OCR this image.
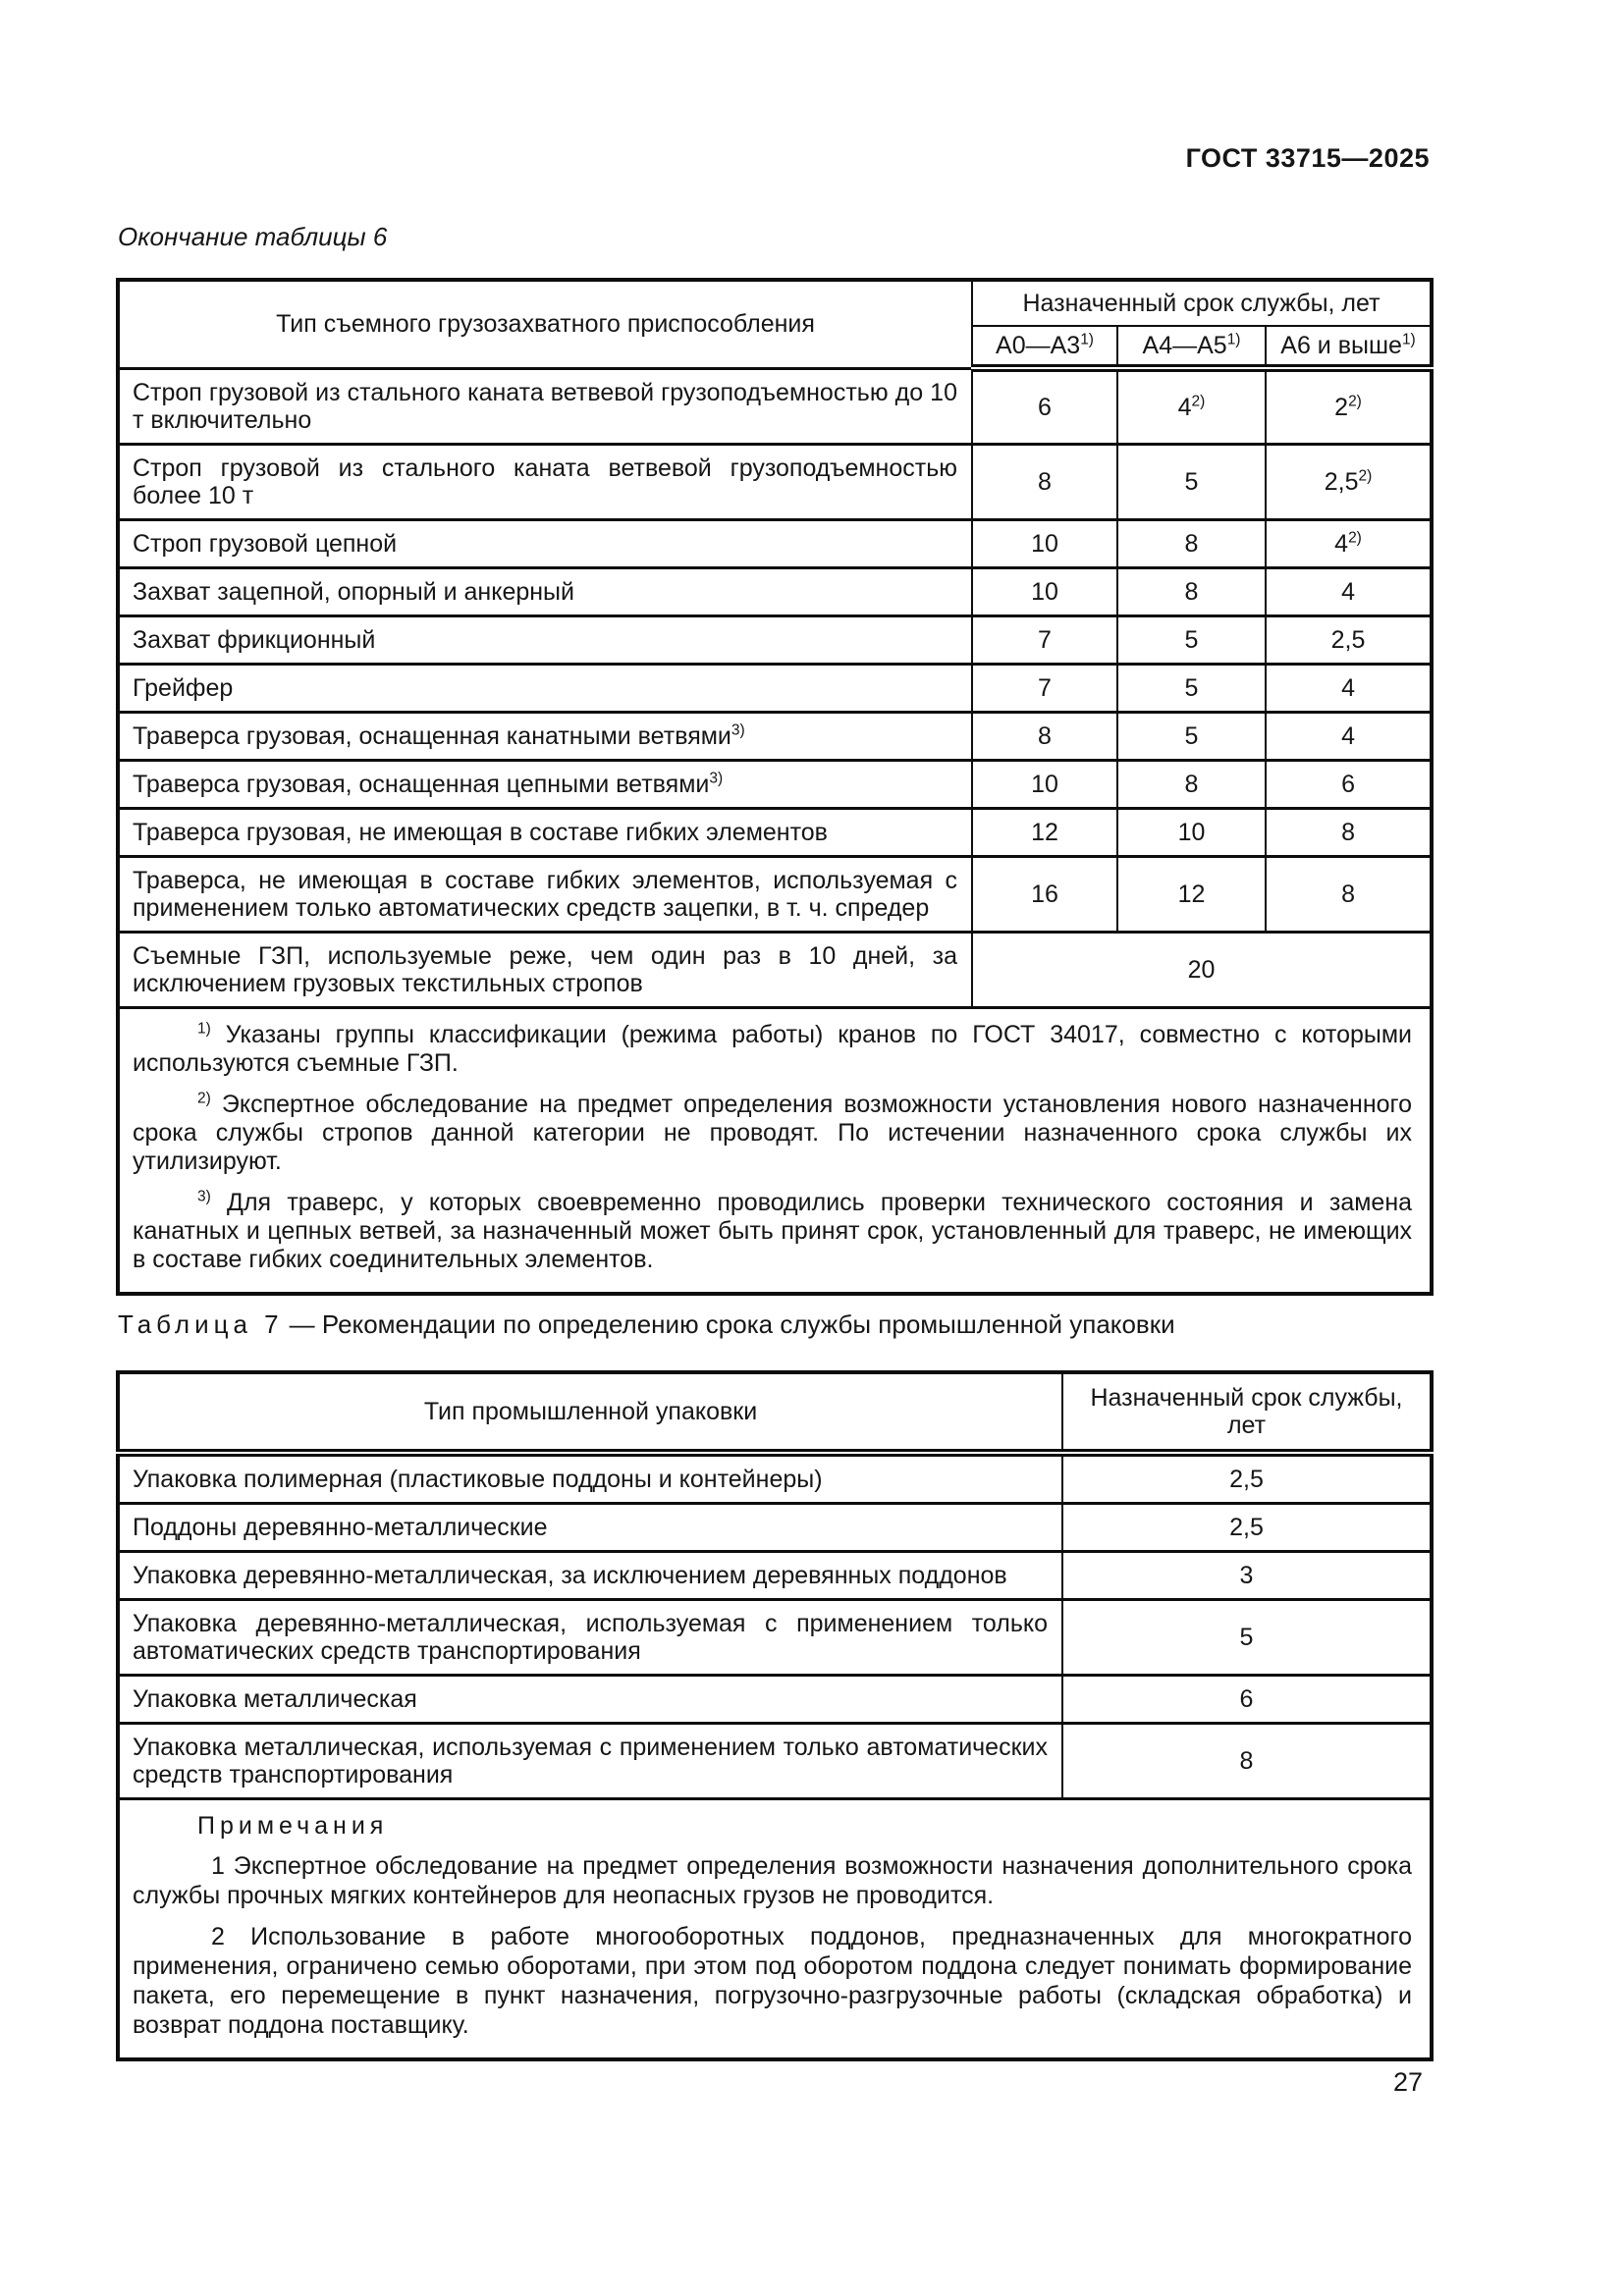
ГОСТ 33715—2025
Окончание таблицы 6
Тип съемного грузозахватного приспособления	Назначенный срок службы, лет		
	А0—А3$^{1)}$	А4—А5$^{1)}$	А6 и выше$^{1)}$
Строп грузовой из стального каната ветвевой грузоподъемностью до 10 т включительно	6	4$^{2)}$	2$^{2)}$
Строп грузовой из стального каната ветвевой грузоподъемностью более 10 т	8	5	2,5$^{2)}$
Строп грузовой цепной	10	8	4$^{2)}$
Захват зацепной, опорный и анкерный	10	8	4
Захват фрикционный	7	5	2,5
Грейфер	7	5	4
Траверса грузовая, оснащенная канатными ветвями$^{3)}$	8	5	4
Траверса грузовая, оснащенная цепными ветвями$^{3)}$	10	8	6
Траверса грузовая, не имеющая в составе гибких элементов	12	10	8
Траверса, не имеющая в составе гибких элементов, используемая с применением только автоматических средств зацепки, в т. ч. спредер	16	12	8
Съемные ГЗП, используемые реже, чем один раз в 10 дней, за исключением грузовых текстильных стропов	20		

$^{1)}$ Указаны группы классификации (режима работы) кранов по ГОСТ 34017, совместно с которыми используются съемные ГЗП.

$^{2)}$ Экспертное обследование на предмет определения возможности установления нового назначенного срока службы стропов данной категории не проводят. По истечении назначенного срока службы их утилизируют.

$^{3)}$ Для траверс, у которых своевременно проводились проверки технического состояния и замена канатных и цепных ветвей, за назначенный может быть принят срок, установленный для траверс, не имеющих в составе гибких соединительных элементов.			

Таблица 7 — Рекомендации по определению срока службы промышленной упаковки
Тип промышленной упаковки	Назначенный срок службы, лет
Упаковка полимерная (пластиковые поддоны и контейнеры)	2,5
Поддоны деревянно-металлические	2,5
Упаковка деревянно-металлическая, за исключением деревянных поддонов	3
Упаковка деревянно-металлическая, используемая с применением только автоматических средств транспортирования	5
Упаковка металлическая	6
Упаковка металлическая, используемая с применением только автоматических средств транспортирования	8

Примечания

1 Экспертное обследование на предмет определения возможности назначения дополнительного срока службы прочных мягких контейнеров для неопасных грузов не проводится.

2 Использование в работе многооборотных поддонов, предназначенных для многократного применения, ограничено семью оборотами, при этом под оборотом поддона следует понимать формирование пакета, его перемещение в пункт назначения, погрузочно-разгрузочные работы (складская обработка) и возврат поддона поставщику.	

27
